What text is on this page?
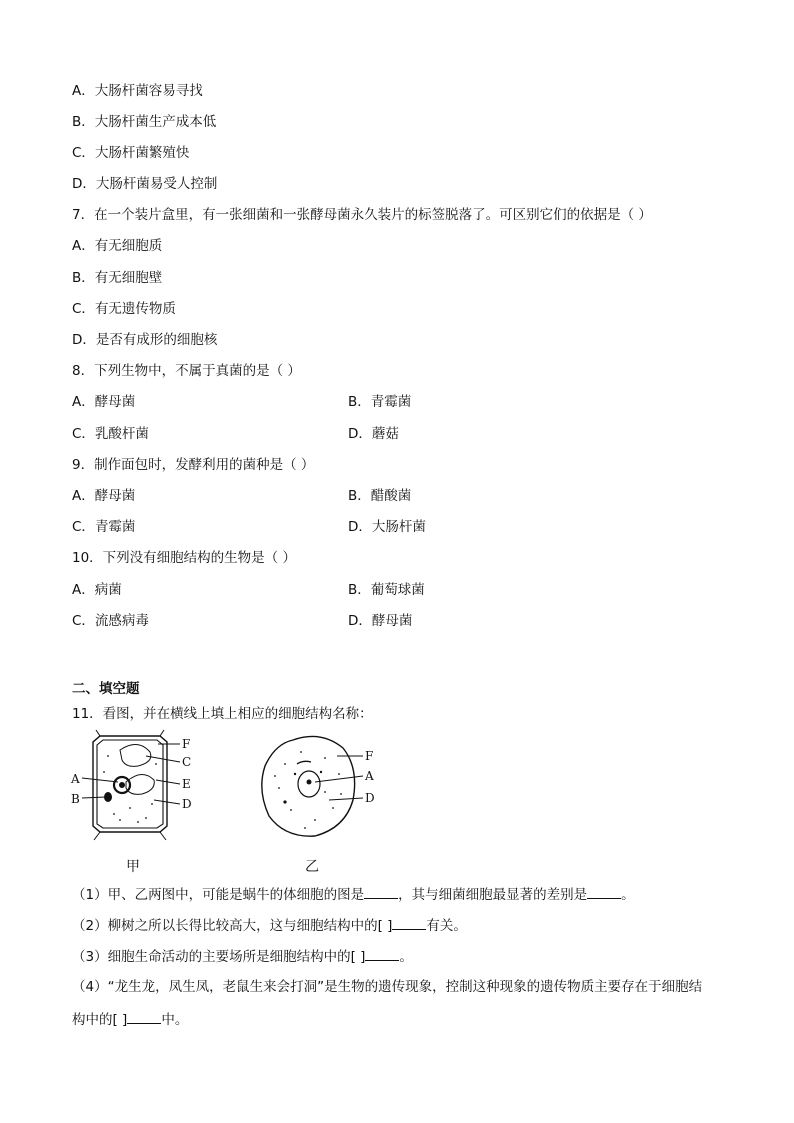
A．大肠杆菌容易寻找
B．大肠杆菌生产成本低
C．大肠杆菌繁殖快
D．大肠杆菌易受人控制
7．在一个装片盒里，有一张细菌和一张酵母菌永久装片的标签脱落了。可区别它们的依据是（ ）
A．有无细胞质
B．有无细胞壁
C．有无遗传物质
D．是否有成形的细胞核
8．下列生物中，不属于真菌的是（ ）
A．酵母菌	B．青霉菌
C．乳酸杆菌	D．蘑菇
9．制作面包时，发酵利用的菌种是（ ）
A．酵母菌	B．醋酸菌
C．青霉菌	D．大肠杆菌
10．下列没有细胞结构的生物是（ ）
A．病菌	B．葡萄球菌
C．流感病毒	D．酵母菌
二、填空题
11．看图，并在横线上填上相应的细胞结构名称：
F
C
A	E
B	D
甲
F
A
D
乙
（1）甲、乙两图中，可能是蜗牛的体细胞的图是	，其与细菌细胞最显著的差别是	。
（2）柳树之所以长得比较高大，这与细胞结构中的[ ]	有关。
（3）细胞生命活动的主要场所是细胞结构中的[ ]	。
（4）“龙生龙，凤生凤，老鼠生来会打洞”是生物的遗传现象，控制这种现象的遗传物质主要存在于细胞结
构中的[ ]	中。
